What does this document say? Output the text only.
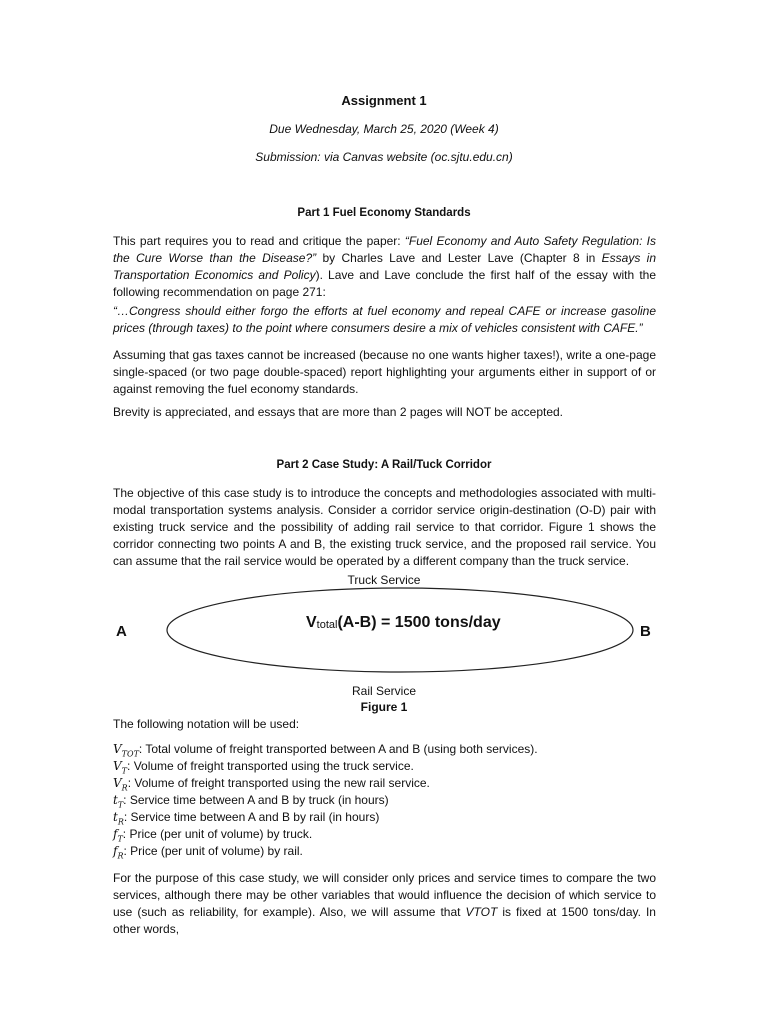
Assignment 1
Due Wednesday, March 25, 2020 (Week 4)
Submission: via Canvas website (oc.sjtu.edu.cn)
Part 1 Fuel Economy Standards
This part requires you to read and critique the paper: “Fuel Economy and Auto Safety Regulation: Is the Cure Worse than the Disease?” by Charles Lave and Lester Lave (Chapter 8 in Essays in Transportation Economics and Policy). Lave and Lave conclude the first half of the essay with the following recommendation on page 271:
“…Congress should either forgo the efforts at fuel economy and repeal CAFE or increase gasoline prices (through taxes) to the point where consumers desire a mix of vehicles consistent with CAFE.”
Assuming that gas taxes cannot be increased (because no one wants higher taxes!), write a one-page single-spaced (or two page double-spaced) report highlighting your arguments either in support of or against removing the fuel economy standards.
Brevity is appreciated, and essays that are more than 2 pages will NOT be accepted.
Part 2 Case Study: A Rail/Tuck Corridor
The objective of this case study is to introduce the concepts and methodologies associated with multi-modal transportation systems analysis. Consider a corridor service origin-destination (O-D) pair with existing truck service and the possibility of adding rail service to that corridor. Figure 1 shows the corridor connecting two points A and B, the existing truck service, and the proposed rail service. You can assume that the rail service would be operated by a different company than the truck service.
Truck Service
A	B
Vtotal(A-B) = 1500 tons/day
Rail Service
Figure 1
The following notation will be used:
$V_{TOT}$: Total volume of freight transported between A and B (using both services).
$V_T$: Volume of freight transported using the truck service.
$V_R$: Volume of freight transported using the new rail service.
$t_T$: Service time between A and B by truck (in hours)
$t_R$: Service time between A and B by rail (in hours)
$f_T$: Price (per unit of volume) by truck.
$f_R$: Price (per unit of volume) by rail.
For the purpose of this case study, we will consider only prices and service times to compare the two services, although there may be other variables that would influence the decision of which service to use (such as reliability, for example). Also, we will assume that VTOT is fixed at 1500 tons/day. In other words,
